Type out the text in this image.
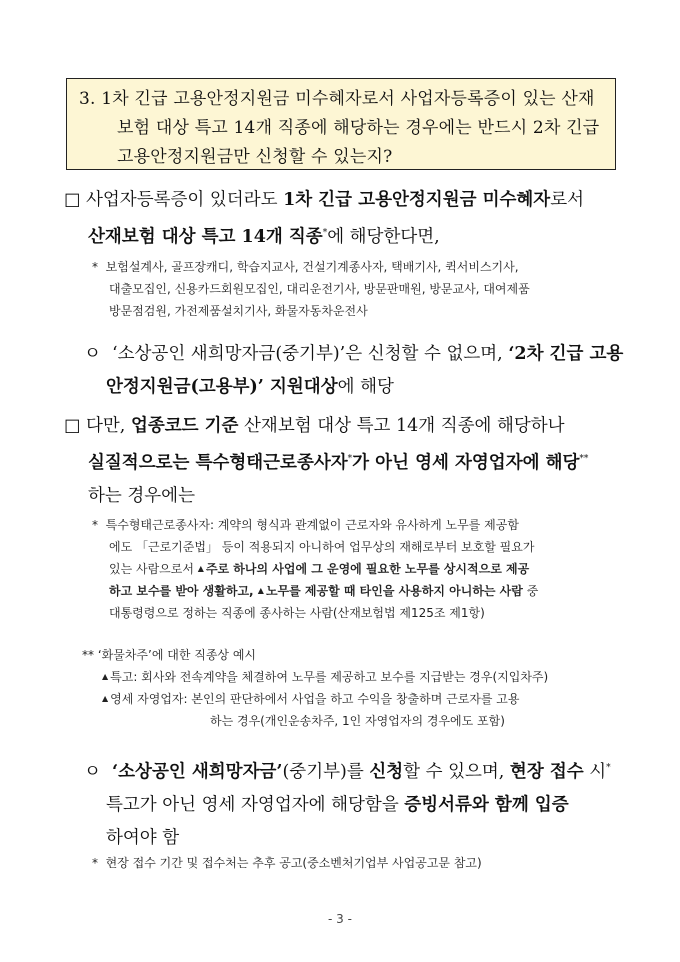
3. 1차 긴급 고용안정지원금 미수혜자로서 사업자등록증이 있는 산재
보험 대상 특고 14개 직종에 해당하는 경우에는 반드시 2차 긴급
고용안정지원금만 신청할 수 있는지?
□ 사업자등록증이 있더라도 1차 긴급 고용안정지원금 미수혜자로서
산재보험 대상 특고 14개 직종*에 해당한다면,
* 보험설계사, 골프장캐디, 학습지교사, 건설기계종사자, 택배기사, 퀵서비스기사,
대출모집인, 신용카드회원모집인, 대리운전기사, 방문판매원, 방문교사, 대여제품
방문점검원, 가전제품설치기사, 화물자동차운전사
ㅇ ‘소상공인 새희망자금(중기부)’은 신청할 수 없으며, ‘2차 긴급 고용
안정지원금(고용부)’ 지원대상에 해당
□ 다만, 업종코드 기준 산재보험 대상 특고 14개 직종에 해당하나
실질적으로는 특수형태근로종사자*가 아닌 영세 자영업자에 해당**
하는 경우에는
* 특수형태근로종사자: 계약의 형식과 관계없이 근로자와 유사하게 노무를 제공함
에도 「근로기준법」 등이 적용되지 아니하여 업무상의 재해로부터 보호할 필요가
있는 사람으로서 ▲ 주로 하나의 사업에 그 운영에 필요한 노무를 상시적으로 제공
하고 보수를 받아 생활하고, ▲ 노무를 제공할 때 타인을 사용하지 아니하는 사람 중
대통령령으로 정하는 직종에 종사하는 사람(산재보험법 제125조 제1항)
** ‘화물차주’에 대한 직종상 예시
▲ 특고: 회사와 전속계약을 체결하여 노무를 제공하고 보수를 지급받는 경우(지입차주)
▲ 영세 자영업자: 본인의 판단하에서 사업을 하고 수익을 창출하며 근로자를 고용
하는 경우(개인운송차주, 1인 자영업자의 경우에도 포함)
ㅇ ‘소상공인 새희망자금’(중기부)를 신청할 수 있으며, 현장 접수 시*
특고가 아닌 영세 자영업자에 해당함을 증빙서류와 함께 입증
하여야 함
* 현장 접수 기간 및 접수처는 추후 공고(중소벤처기업부 사업공고문 참고)
- 3 -
